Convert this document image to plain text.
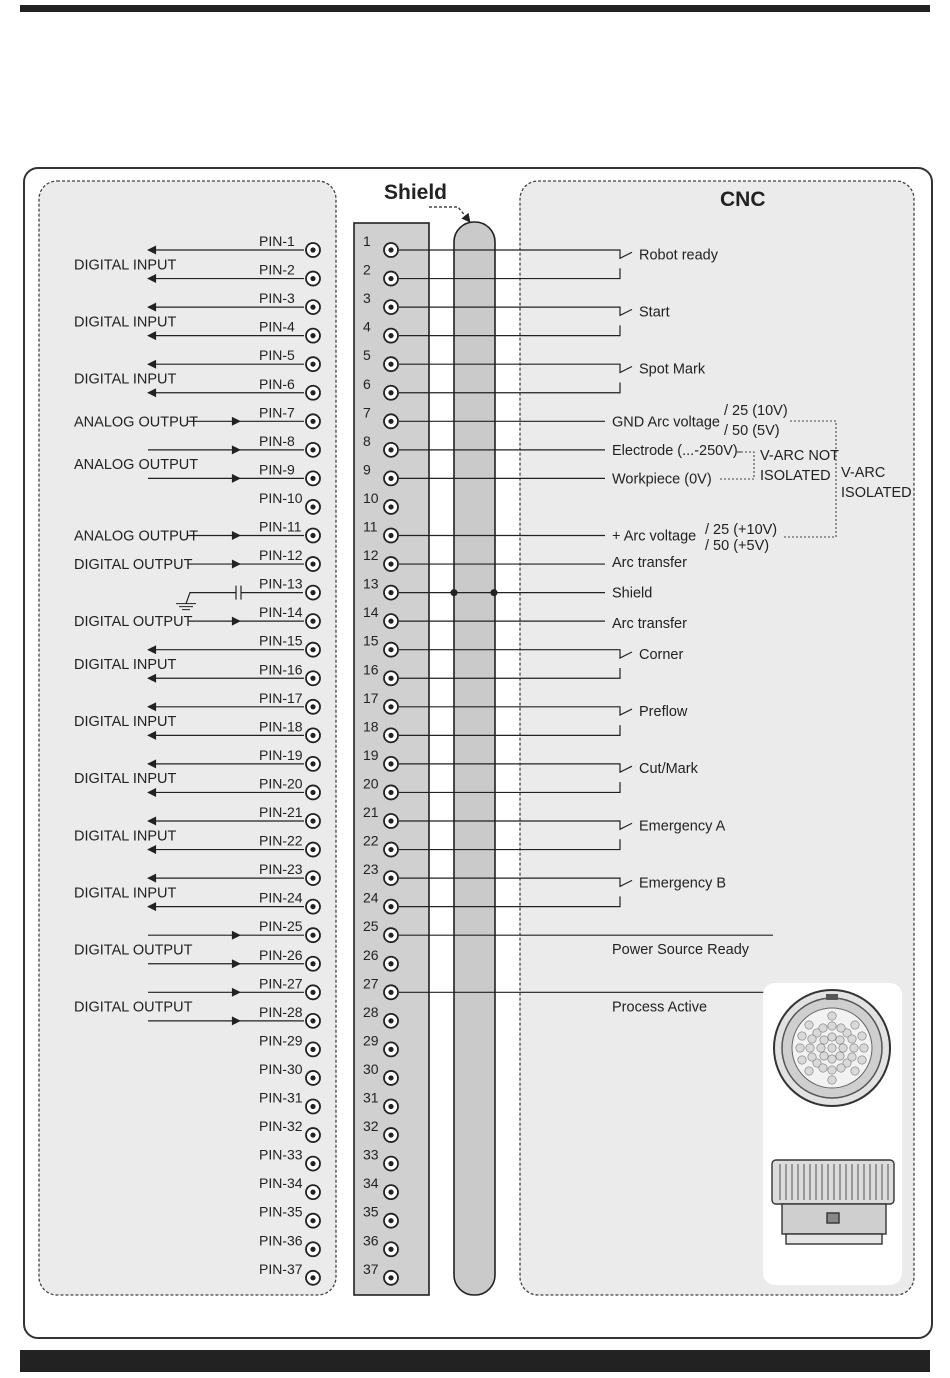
Shield	CNC
PIN-1	1
PIN-2	2
PIN-3	3
PIN-4	4
PIN-5	5
PIN-6	6
PIN-7	7
PIN-8	8
PIN-9	9
PIN-10	10
PIN-11	11
PIN-12	12
PIN-13	13
PIN-14	14
PIN-15	15
PIN-16	16
PIN-17	17
PIN-18	18
PIN-19	19
PIN-20	20
PIN-21	21
PIN-22	22
PIN-23	23
PIN-24	24
PIN-25	25
PIN-26	26
PIN-27	27
PIN-28	28
PIN-29	29
PIN-30	30
PIN-31	31
PIN-32	32
PIN-33	33
PIN-34	34
PIN-35	35
PIN-36	36
PIN-37	37
DIGITAL INPUT
DIGITAL INPUT
DIGITAL INPUT
ANALOG OUTPUT
ANALOG OUTPUT
ANALOG OUTPUT
DIGITAL OUTPUT
DIGITAL OUTPUT
DIGITAL INPUT
DIGITAL INPUT
DIGITAL INPUT
DIGITAL INPUT
DIGITAL INPUT
DIGITAL OUTPUT
DIGITAL OUTPUT
Robot ready
Start
Spot Mark
Corner
Preflow
Cut/Mark
Emergency A
Emergency B
GND Arc voltage
Electrode (...-250V)
Workpiece (0V)
+ Arc voltage
Arc transfer
Shield
Arc transfer
Power Source Ready
Process Active
/ 25 (10V)
/ 50 (5V)
/ 25 (+10V)
/ 50 (+5V)
V-ARC NOT
ISOLATED V-ARC
ISOLATED
